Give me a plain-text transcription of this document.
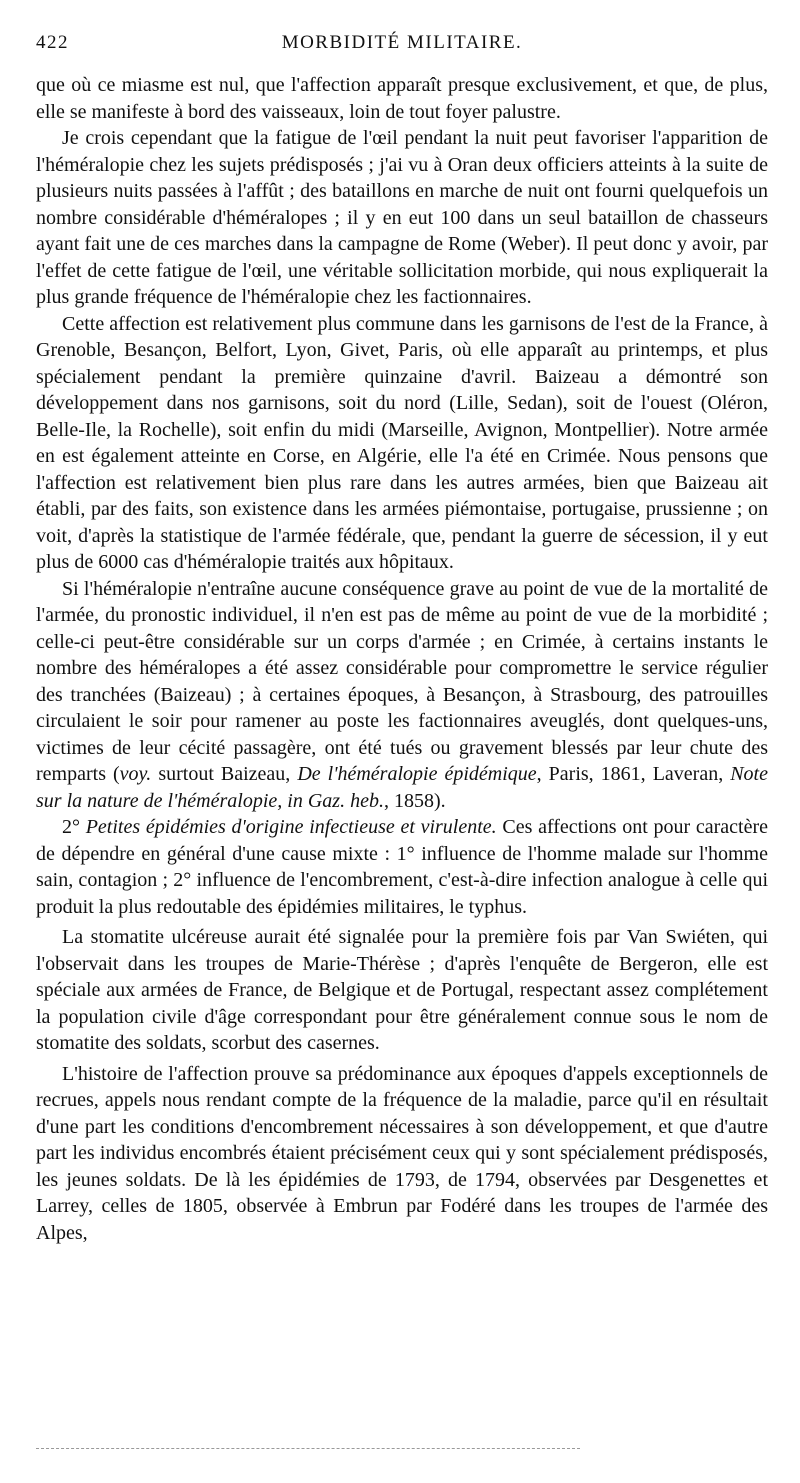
422	MORBIDITÉ MILITAIRE.

que où ce miasme est nul, que l'affection apparaît presque exclusivement, et que, de plus, elle se manifeste à bord des vaisseaux, loin de tout foyer palustre.

Je crois cependant que la fatigue de l'œil pendant la nuit peut favoriser l'apparition de l'héméralopie chez les sujets prédisposés ; j'ai vu à Oran deux officiers atteints à la suite de plusieurs nuits passées à l'affût ; des bataillons en marche de nuit ont fourni quelquefois un nombre considérable d'héméralopes ; il y en eut 100 dans un seul bataillon de chasseurs ayant fait une de ces marches dans la campagne de Rome (Weber). Il peut donc y avoir, par l'effet de cette fatigue de l'œil, une véritable sollicitation morbide, qui nous expliquerait la plus grande fréquence de l'héméralopie chez les factionnaires.

Cette affection est relativement plus commune dans les garnisons de l'est de la France, à Grenoble, Besançon, Belfort, Lyon, Givet, Paris, où elle apparaît au printemps, et plus spécialement pendant la première quinzaine d'avril. Baizeau a démontré son développement dans nos garnisons, soit du nord (Lille, Sedan), soit de l'ouest (Oléron, Belle-Ile, la Rochelle), soit enfin du midi (Marseille, Avignon, Montpellier). Notre armée en est également atteinte en Corse, en Algérie, elle l'a été en Crimée. Nous pensons que l'affection est relativement bien plus rare dans les autres armées, bien que Baizeau ait établi, par des faits, son existence dans les armées piémontaise, portugaise, prussienne ; on voit, d'après la statistique de l'armée fédérale, que, pendant la guerre de sécession, il y eut plus de 6000 cas d'héméralopie traités aux hôpitaux.

Si l'héméralopie n'entraîne aucune conséquence grave au point de vue de la mortalité de l'armée, du pronostic individuel, il n'en est pas de même au point de vue de la morbidité ; celle-ci peut-être considérable sur un corps d'armée ; en Crimée, à certains instants le nombre des héméralopes a été assez considérable pour compromettre le service régulier des tranchées (Baizeau) ; à certaines époques, à Besançon, à Strasbourg, des patrouilles circulaient le soir pour ramener au poste les factionnaires aveuglés, dont quelques-uns, victimes de leur cécité passagère, ont été tués ou gravement blessés par leur chute des remparts (voy. surtout Baizeau, De l'héméralopie épidémique, Paris, 1861, Laveran, Note sur la nature de l'héméralopie, in Gaz. heb., 1858).

2° Petites épidémies d'origine infectieuse et virulente. Ces affections ont pour caractère de dépendre en général d'une cause mixte : 1° influence de l'homme malade sur l'homme sain, contagion ; 2° influence de l'encombrement, c'est-à-dire infection analogue à celle qui produit la plus redoutable des épidémies militaires, le typhus.

La stomatite ulcéreuse aurait été signalée pour la première fois par Van Swiéten, qui l'observait dans les troupes de Marie-Thérèse ; d'après l'enquête de Bergeron, elle est spéciale aux armées de France, de Belgique et de Portugal, respectant assez complétement la population civile d'âge correspondant pour être généralement connue sous le nom de stomatite des soldats, scorbut des casernes.

L'histoire de l'affection prouve sa prédominance aux époques d'appels exceptionnels de recrues, appels nous rendant compte de la fréquence de la maladie, parce qu'il en résultait d'une part les conditions d'encombrement nécessaires à son développement, et que d'autre part les individus encombrés étaient précisément ceux qui y sont spécialement prédisposés, les jeunes soldats. De là les épidémies de 1793, de 1794, observées par Desgenettes et Larrey, celles de 1805, observée à Embrun par Fodéré dans les troupes de l'armée des Alpes,
